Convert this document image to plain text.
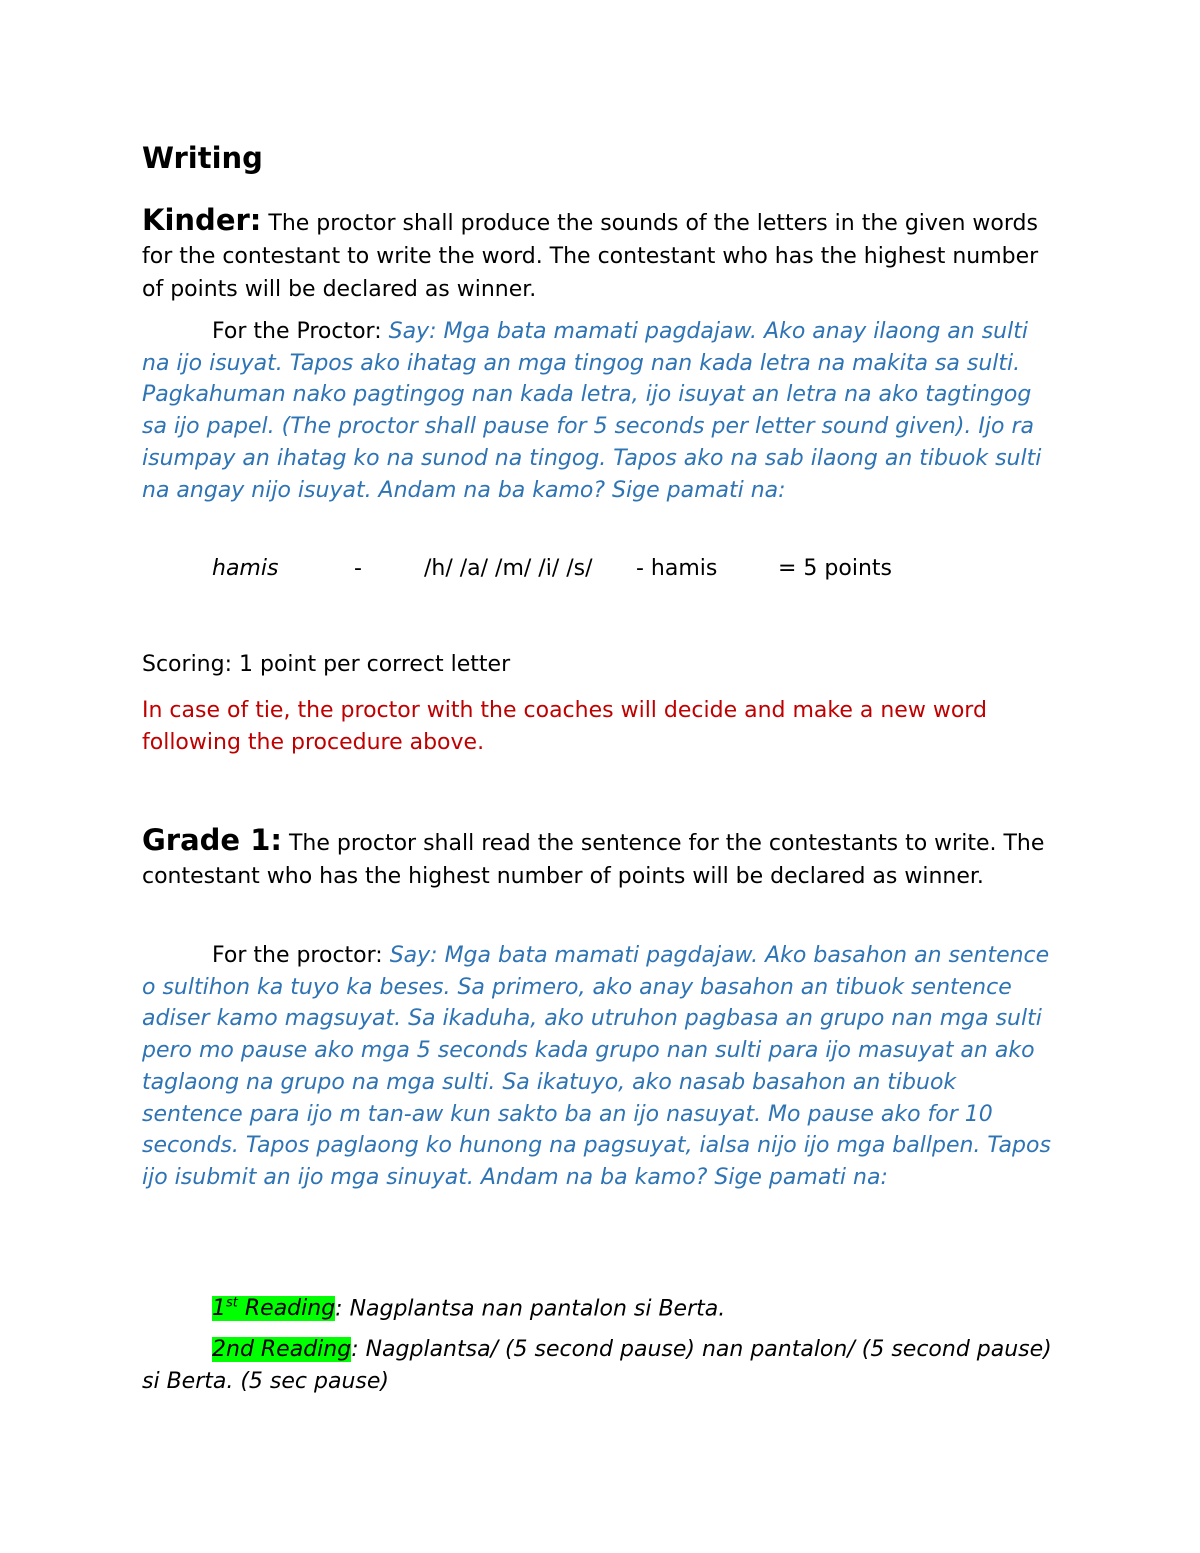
Writing
Kinder: The proctor shall produce the sounds of the letters in the given words for the contestant to write the word. The contestant who has the highest number of points will be declared as winner.
For the Proctor: Say: Mga bata mamati pagdajaw. Ako anay ilaong an sulti na ijo isuyat. Tapos ako ihatag an mga tingog nan kada letra na makita sa sulti. Pagkahuman nako pagtingog nan kada letra, ijo isuyat an letra na ako tagtingog sa ijo papel. (The proctor shall pause for 5 seconds per letter sound given). Ijo ra isumpay an ihatag ko na sunod na tingog. Tapos ako na sab ilaong an tibuok sulti na angay nijo isuyat. Andam na ba kamo? Sige pamati na:
hamis	-	/h/ /a/ /m/ /i/ /s/ - hamis	= 5 points
Scoring: 1 point per correct letter
In case of tie, the proctor with the coaches will decide and make a new word following the procedure above.
Grade 1: The proctor shall read the sentence for the contestants to write. The contestant who has the highest number of points will be declared as winner.
For the proctor: Say: Mga bata mamati pagdajaw. Ako basahon an sentence o sultihon ka tuyo ka beses. Sa primero, ako anay basahon an tibuok sentence adiser kamo magsuyat. Sa ikaduha, ako utruhon pagbasa an grupo nan mga sulti pero mo pause ako mga 5 seconds kada grupo nan sulti para ijo masuyat an ako taglaong na grupo na mga sulti. Sa ikatuyo, ako nasab basahon an tibuok sentence para ijo m tan-aw kun sakto ba an ijo nasuyat. Mo pause ako for 10 seconds. Tapos paglaong ko hunong na pagsuyat, ialsa nijo ijo mga ballpen. Tapos ijo isubmit an ijo mga sinuyat. Andam na ba kamo? Sige pamati na:
1st Reading: Nagplantsa nan pantalon si Berta.
2nd Reading: Nagplantsa/ (5 second pause) nan pantalon/ (5 second pause) si Berta. (5 sec pause)
